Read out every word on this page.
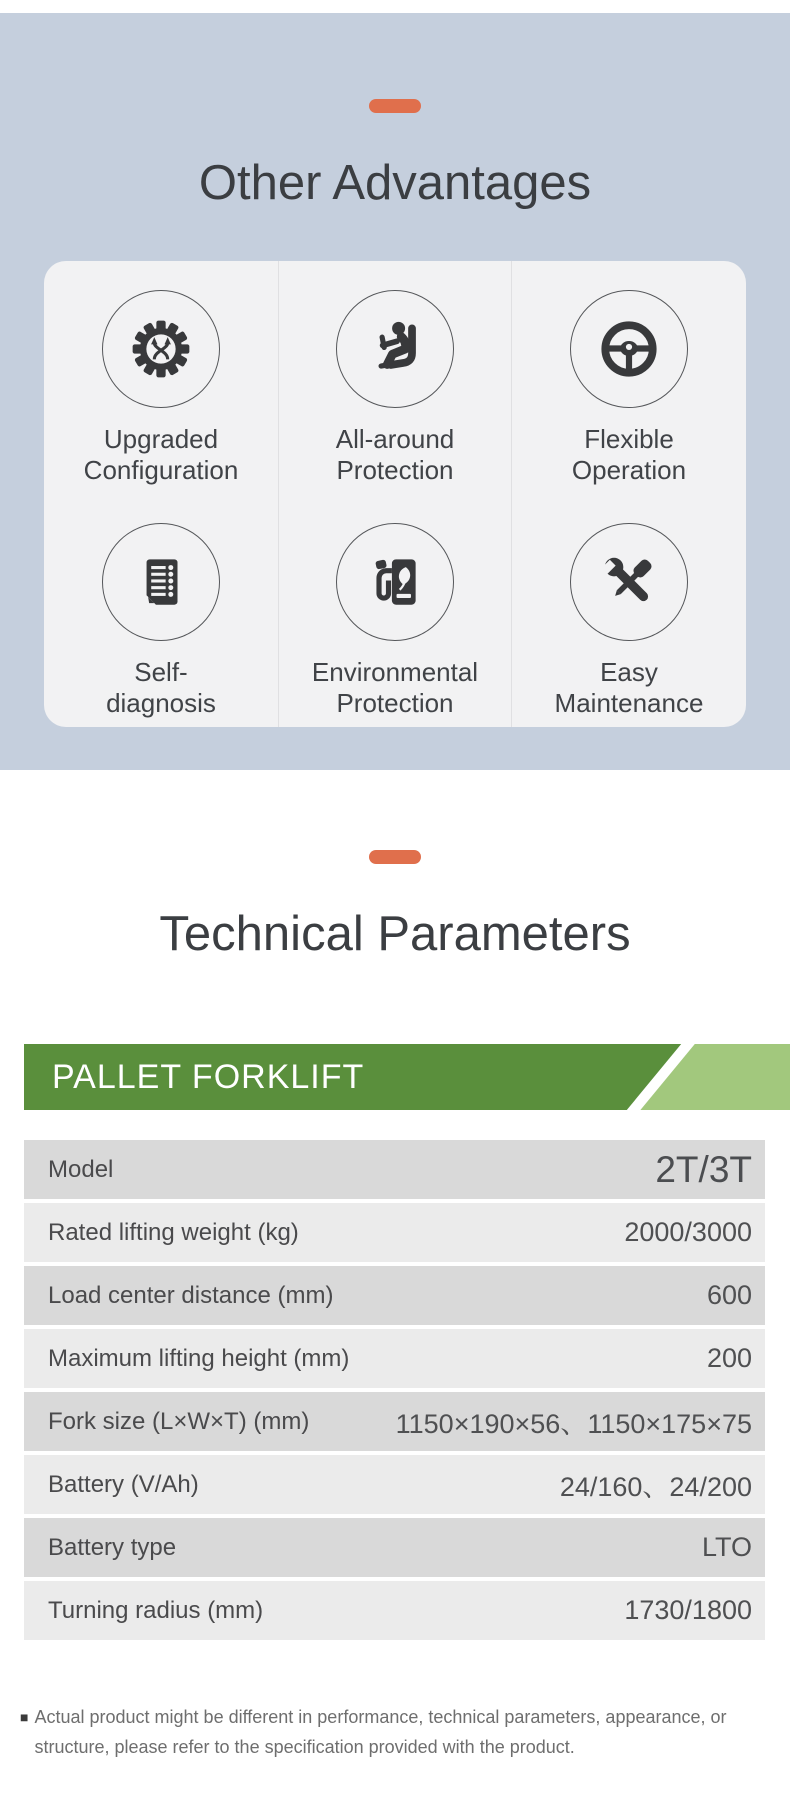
Other Advantages
Upgraded
Configuration
All-around
Protection
Flexible
Operation
Self-
diagnosis
Environmental
Protection
Easy
Maintenance
Technical Parameters
PALLET FORKLIFT
Model	2T/3T
Rated lifting weight (kg)	2000/3000
Load center distance (mm)	600
Maximum lifting height (mm)	200
Fork size (L×W×T) (mm)	1150×190×56、1150×175×75
Battery (V/Ah)	24/160、24/200
Battery type	LTO
Turning radius (mm)	1730/1800
■ Actual product might be different in performance, technical parameters, appearance, or structure, please refer to the specification provided with the product.
